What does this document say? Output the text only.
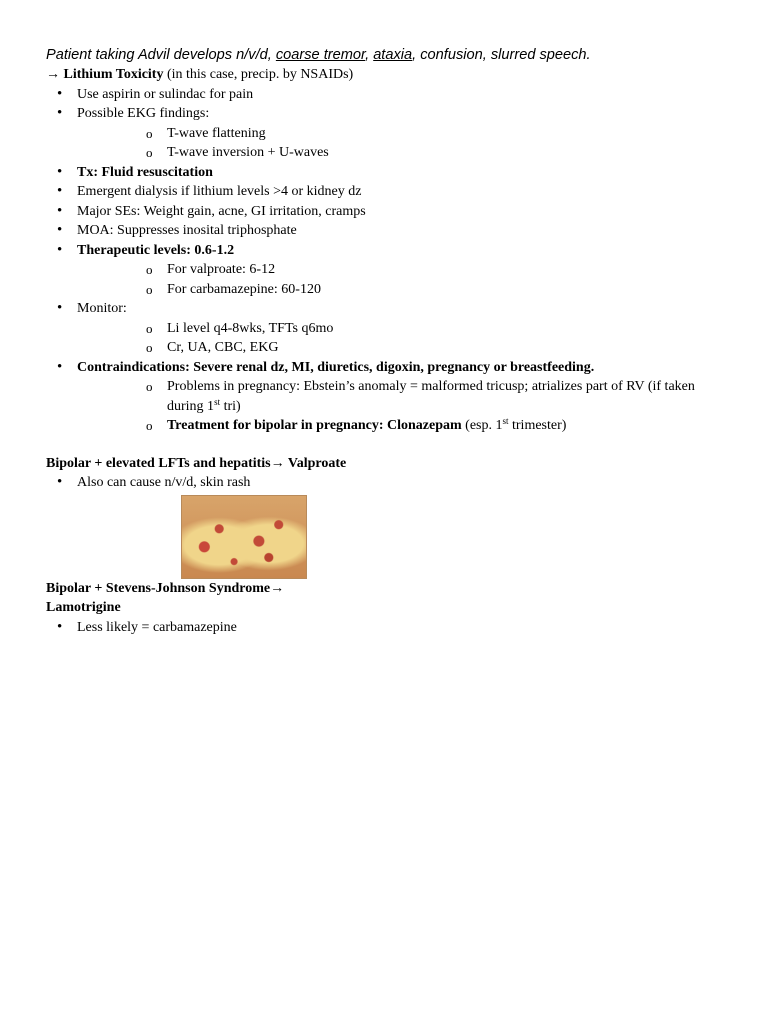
Patient taking Advil develops n/v/d, coarse tremor, ataxia, confusion, slurred speech.

→ Lithium Toxicity (in this case, precip. by NSAIDs)

• Use aspirin or sulindac for pain
• Possible EKG findings:
o T-wave flattening
o T-wave inversion + U-waves
• Tx: Fluid resuscitation
• Emergent dialysis if lithium levels >4 or kidney dz
• Major SEs: Weight gain, acne, GI irritation, cramps
• MOA: Suppresses inosital triphosphate
• Therapeutic levels: 0.6-1.2
o For valproate: 6-12
o For carbamazepine: 60-120
• Monitor:
o Li level q4-8wks, TFTs q6mo
o Cr, UA, CBC, EKG
• Contraindications: Severe renal dz, MI, diuretics, digoxin, pregnancy or breastfeeding.
o Problems in pregnancy: Ebstein’s anomaly = malformed tricusp; atrializes part of RV (if taken during 1st tri)
o Treatment for bipolar in pregnancy: Clonazepam (esp. 1st trimester)

Bipolar + elevated LFTs and hepatitis→ Valproate

• Also can cause n/v/d, skin rash

Bipolar + Stevens-Johnson Syndrome→
Lamotrigine

• Less likely = carbamazepine
